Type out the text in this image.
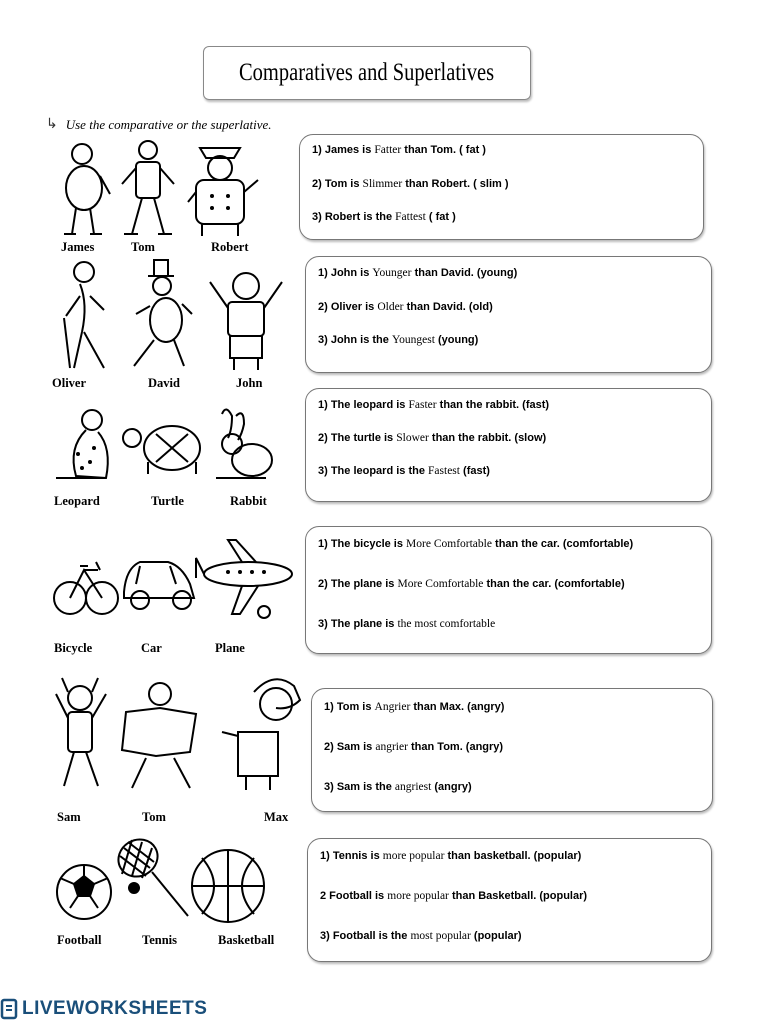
Comparatives and Superlatives
↳ Use the comparative or the superlative.
James	Tom	Robert
1) James is Fatter than Tom. ( fat )
2) Tom is Slimmer than Robert. ( slim )
3) Robert is the Fattest ( fat )
Oliver	David	John
1) John is Younger than David. (young)
2) Oliver is Older than David. (old)
3) John is the Youngest (young)
Leopard	Turtle	Rabbit
1) The leopard is Faster than the rabbit. (fast)
2) The turtle is Slower than the rabbit. (slow)
3) The leopard is the Fastest (fast)
Bicycle	Car	Plane
1) The bicycle is More Comfortable than the car. (comfortable)
2) The plane is More Comfortable than the car. (comfortable)
3) The plane is the most comfortable
Sam	Tom	Max
1) Tom is Angrier than Max. (angry)
2) Sam is angrier than Tom. (angry)
3) Sam is the angriest (angry)
Football	Tennis	Basketball
1) Tennis is more popular than basketball. (popular)
2 Football is more popular than Basketball. (popular)
3) Football is the most popular (popular)
LIVEWORKSHEETS
